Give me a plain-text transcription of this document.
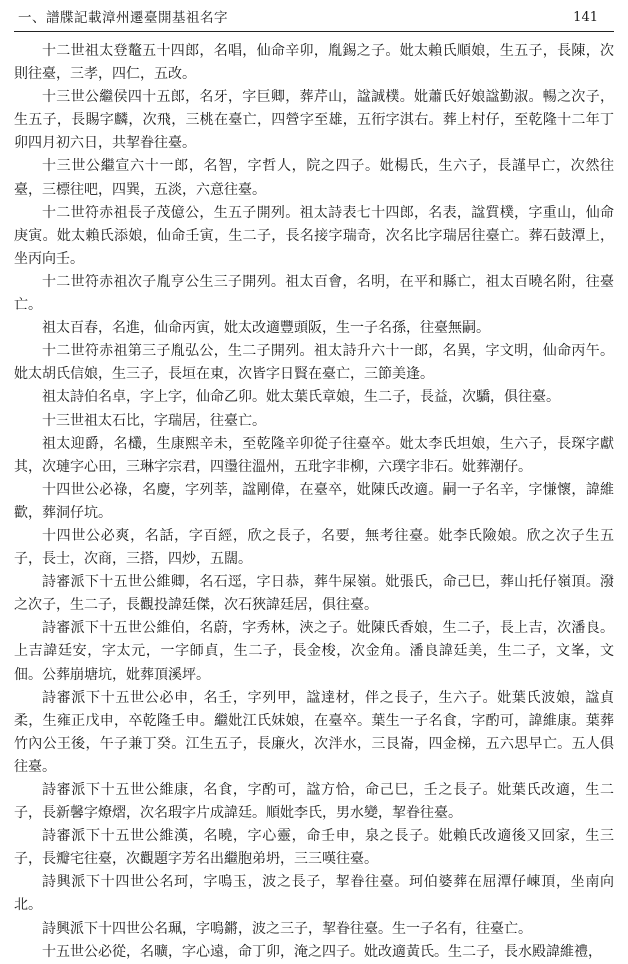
一、譜牒記載漳州遷臺開基祖名字	141

十二世祖太登鼇五十四郎，名唱，仙命辛卯，胤錫之子。妣太賴氏順娘，生五子，長陳，次則往臺，三孝，四仁，五改。

十三世公繼侯四十五郎，名牙，字巨卿，葬芹山，諡誠樸。妣蕭氏好娘諡勤淑。暢之次子，生五子，長賜字麟，次飛，三桃在臺亡，四營字至雄，五衎字淇右。葬上村仔，至乾隆十二年丁卯四月初六日，共挈眷往臺。

十三世公繼宣六十一郎，名智，字哲人，院之四子。妣楊氏，生六子，長謹早亡，次然往臺，三標往吧，四巽，五淡，六意往臺。

十二世符赤祖長子茂億公，生五子開列。祖太詩表七十四郎，名表，諡質樸，字重山，仙命庚寅。妣太賴氏添娘，仙命壬寅，生二子，長名接字瑞奇，次名比字瑞居往臺亡。葬石鼓潭上，坐丙向壬。

十二世符赤祖次子胤亨公生三子開列。祖太百會，名明，在平和縣亡，祖太百曉名附，往臺亡。

祖太百春，名進，仙命丙寅，妣太改適豐頭阪，生一子名孫，往臺無嗣。

十二世符赤祖第三子胤弘公，生二子開列。祖太詩升六十一郎，名異，字文明，仙命丙午。妣太胡氏信娘，生三子，長垣在東，次皆字日賢在臺亡，三節美逢。

祖太詩伯名卓，字上字，仙命乙卯。妣太葉氏章娘，生二子，長益，次驕，俱往臺。

十三世祖太石比，字瑞居，往臺亡。

祖太迎爵，名欉，生康熙辛未，至乾隆辛卯從子往臺卒。妣太李氏坦娘，生六子，長琛字獻其，次璉字心田，三琳字宗君，四璗往溫州，五玭字非柳，六璞字非石。妣葬潮仔。

十四世公必祿，名慶，字列莘，諡剛偉，在臺卒，妣陳氏改適。嗣一子名辛，字慊懷，諱維歡，葬洞仔坑。

十四世公必爽，名話，字百經，欣之長子，名要，無考往臺。妣李氏險娘。欣之次子生五子，長士，次商，三搭，四炒，五闊。

詩審派下十五世公維卿，名石逕，字日恭，葬牛屎嶺。妣張氏，命己巳，葬山托仔嶺頂。潑之次子，生二子，長觀投諱廷傑，次石狹諱廷居，俱往臺。

詩審派下十五世公維伯，名蔚，字秀林，浹之子。妣陳氏香娘，生二子，長上吉，次潘良。上吉諱廷安，字太元，一字師貞，生二子，長金梭，次金角。潘良諱廷美，生二子，文峯，文佃。公葬崩塘坑，妣葬頂溪坪。

詩審派下十五世公必申，名壬，字列甲，諡達材，伴之長子，生六子。妣葉氏波娘，諡貞柔，生雍正戊申，卒乾隆壬申。繼妣江氏妹娘，在臺卒。葉生一子名食，字酌可，諱維康。葉葬竹內公王後，午子兼丁癸。江生五子，長廉火，次泮水，三艮崙，四金梯，五六思早亡。五人俱往臺。

詩審派下十五世公維康，名食，字酌可，諡方恰，命己巳，壬之長子。妣葉氏改適，生二子，長新馨字燎熠，次名瑕字片成諱廷。順妣李氏，男水變，挈眷往臺。

詩審派下十五世公維漢，名曉，字心靈，命壬申，泉之長子。妣賴氏改適後又回家，生三子，長瓣宅往臺，次觀題字芳名出繼胞弟坍，三三嘆往臺。

詩興派下十四世公名珂，字鳴玉，波之長子，挈眷往臺。珂伯婆葬在屈潭仔崠頂，坐南向北。

詩興派下十四世公名珮，字鳴鏘，波之三子，挈眷往臺。生一子名有，往臺亡。

十五世公必從，名曠，字心遠，命丁卯，淹之四子。妣改適黃氏。生二子，長水殿諱維禮，
